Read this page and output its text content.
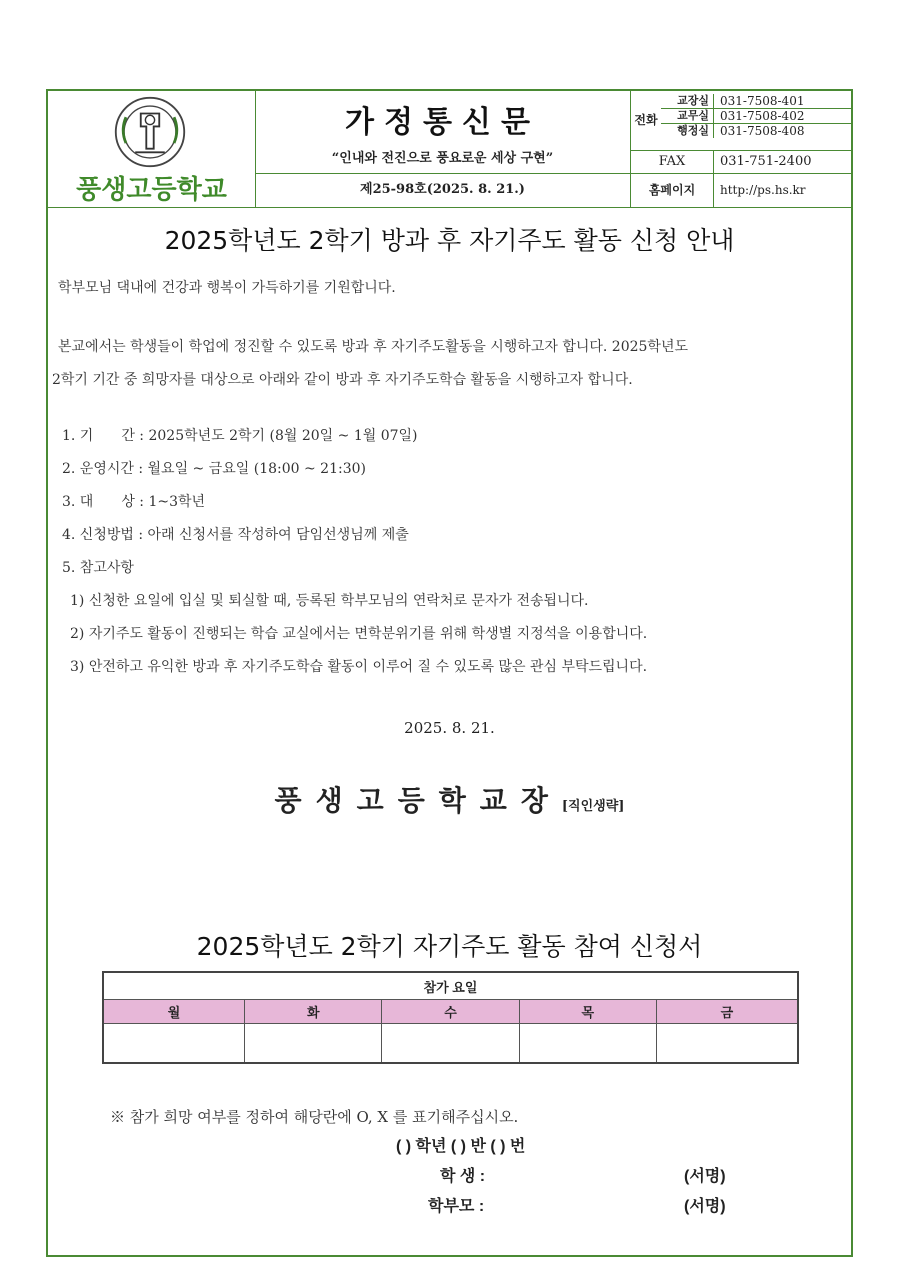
풍생고등학교
가정통신문
“인내와 전진으로 풍요로운 세상 구현”
제25-98호(2025. 8. 21.)
전화
교장실 031-7508-401
교무실 031-7508-402
행정실 031-7508-408
FAX	031-751-2400
홈페이지	http://ps.hs.kr
2025학년도 2학기 방과 후 자기주도 활동 신청 안내
학부모님 댁내에 건강과 행복이 가득하기를 기원합니다.
본교에서는 학생들이 학업에 정진할 수 있도록 방과 후 자기주도활동을 시행하고자 합니다. 2025학년도
2학기 기간 중 희망자를 대상으로 아래와 같이 방과 후 자기주도학습 활동을 시행하고자 합니다.
1. 기　　간 : 2025학년도 2학기 (8월 20일 ~ 1월 07일)
2. 운영시간 : 월요일 ~ 금요일 (18:00 ~ 21:30)
3. 대　　상 : 1~3학년
4. 신청방법 : 아래 신청서를 작성하여 담임선생님께 제출
5. 참고사항
1) 신청한 요일에 입실 및 퇴실할 때, 등록된 학부모님의 연락처로 문자가 전송됩니다.
2) 자기주도 활동이 진행되는 학습 교실에서는 면학분위기를 위해 학생별 지정석을 이용합니다.
3) 안전하고 유익한 방과 후 자기주도학습 활동이 이루어 질 수 있도록 많은 관심 부탁드립니다.
2025. 8. 21.
풍생고등학교장[직인생략]
2025학년도 2학기 자기주도 활동 참여 신청서
참가 요일				
월	화	수	목	금

※ 참가 희망 여부를 정하여 해당란에 O, X 를 표기해주십시오.
( ) 학년 ( ) 반 ( ) 번
학 생 :	(서명)
학부모 :	(서명)
